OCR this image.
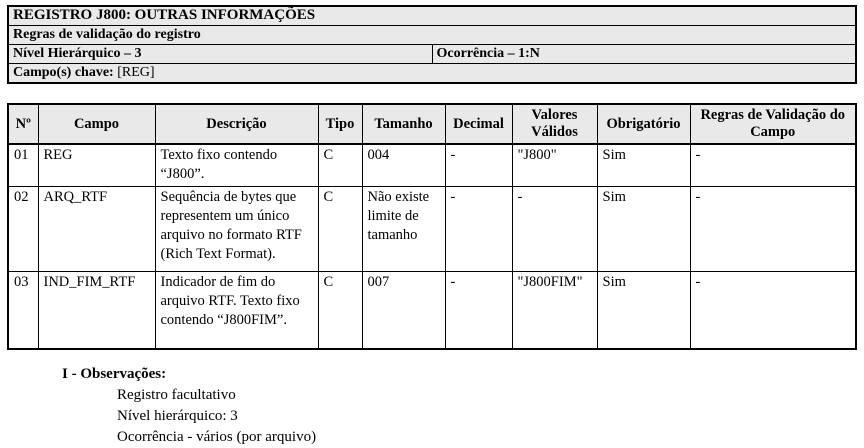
REGISTRO J800: OUTRAS INFORMAÇÕES
Regras de validação do registro
Nível Hierárquico – 3	Ocorrência – 1:N
Campo(s) chave: [REG]
Nº	Campo	Descrição	Tipo	Tamanho	Decimal	Valores Válidos	Obrigatório	Regras de Validação do Campo
01	REG	Texto fixo contendo “J800”.	C	004	-	"J800"	Sim	-
02	ARQ_RTF	Sequência de bytes que representem um único arquivo no formato RTF (Rich Text Format).	C	Não existe limite de tamanho	-	-	Sim	-
03	IND_FIM_RTF	Indicador de fim do arquivo RTF. Texto fixo contendo “J800FIM”.	C	007	-	"J800FIM"	Sim	-
I - Observações:
Registro facultativo
Nível hierárquico: 3
Ocorrência - vários (por arquivo)
